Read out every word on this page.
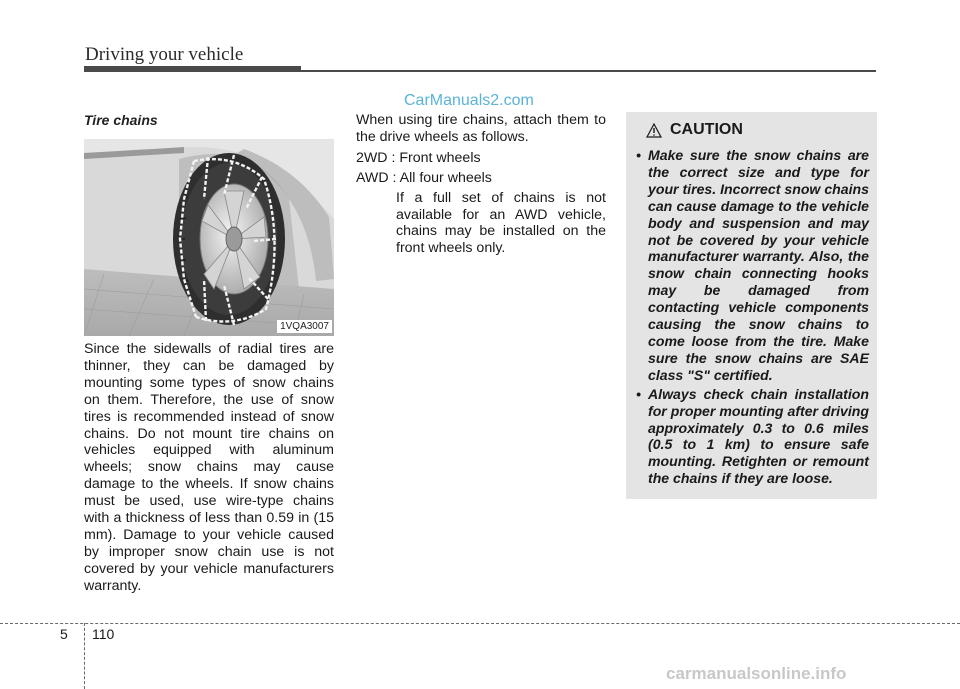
Driving your vehicle
CarManuals2.com
Tire chains
1VQA3007
Since the sidewalls of radial tires are thinner, they can be damaged by mounting some types of snow chains on them. Therefore, the use of snow tires is recommended instead of snow chains. Do not mount tire chains on vehicles equipped with aluminum wheels; snow chains may cause damage to the wheels. If snow chains must be used, use wire-type chains with a thickness of less than 0.59 in (15 mm). Damage to your vehicle caused by improper snow chain use is not covered by your vehicle manufacturers warranty.

When using tire chains, attach them to the drive wheels as follows.

2WD : Front wheels

AWD : All four wheels

If a full set of chains is not available for an AWD vehicle, chains may be installed on the front wheels only.

CAUTION
• Make sure the snow chains are the correct size and type for your tires. Incorrect snow chains can cause damage to the vehicle body and suspension and may not be covered by your vehicle manufacturer warranty. Also, the snow chain connecting hooks may be damaged from contacting vehicle components causing the snow chains to come loose from the tire. Make sure the snow chains are SAE class "S" certified.
• Always check chain installation for proper mounting after driving approximately 0.3 to 0.6 miles (0.5 to 1 km) to ensure safe mounting. Retighten or remount the chains if they are loose.
5 110
carmanualsonline.info
